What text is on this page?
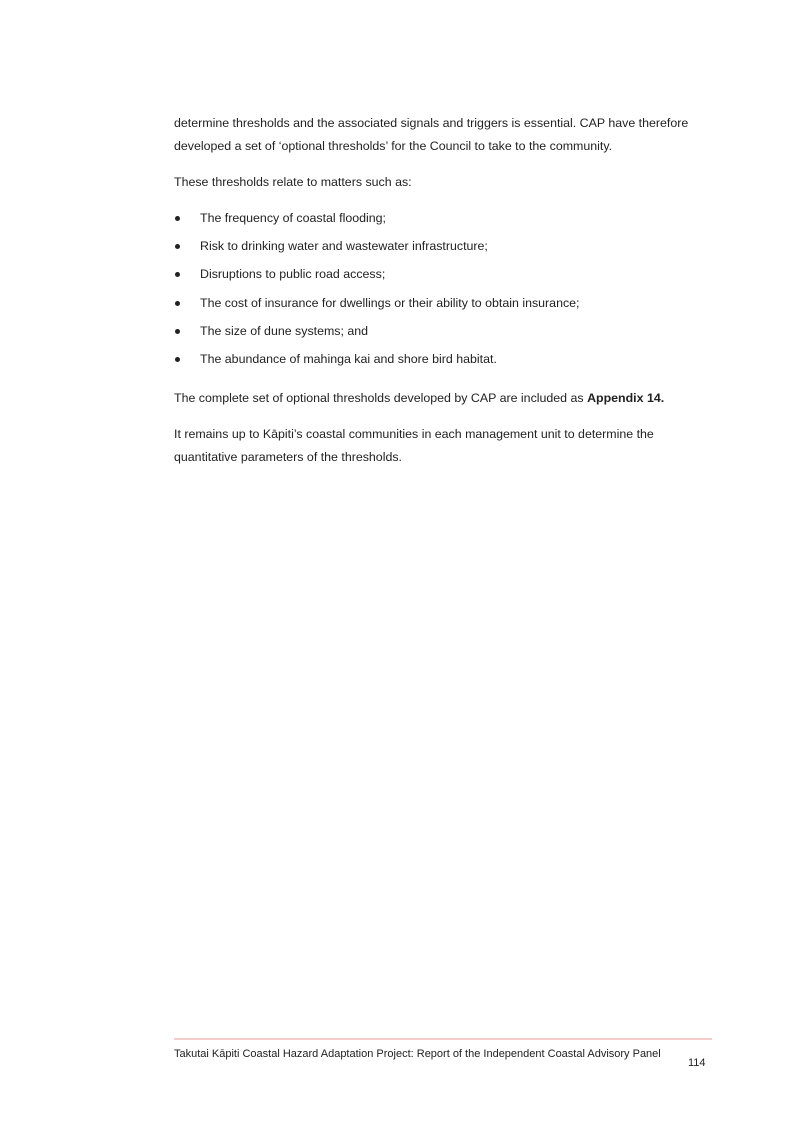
determine thresholds and the associated signals and triggers is essential. CAP have therefore developed a set of ‘optional thresholds’ for the Council to take to the community.

These thresholds relate to matters such as:

The frequency of coastal flooding;
Risk to drinking water and wastewater infrastructure;
Disruptions to public road access;
The cost of insurance for dwellings or their ability to obtain insurance;
The size of dune systems; and
The abundance of mahinga kai and shore bird habitat.

The complete set of optional thresholds developed by CAP are included as Appendix 14.

It remains up to Kāpiti’s coastal communities in each management unit to determine the quantitative parameters of the thresholds.

Takutai Kāpiti Coastal Hazard Adaptation Project: Report of the Independent Coastal Advisory Panel

114
